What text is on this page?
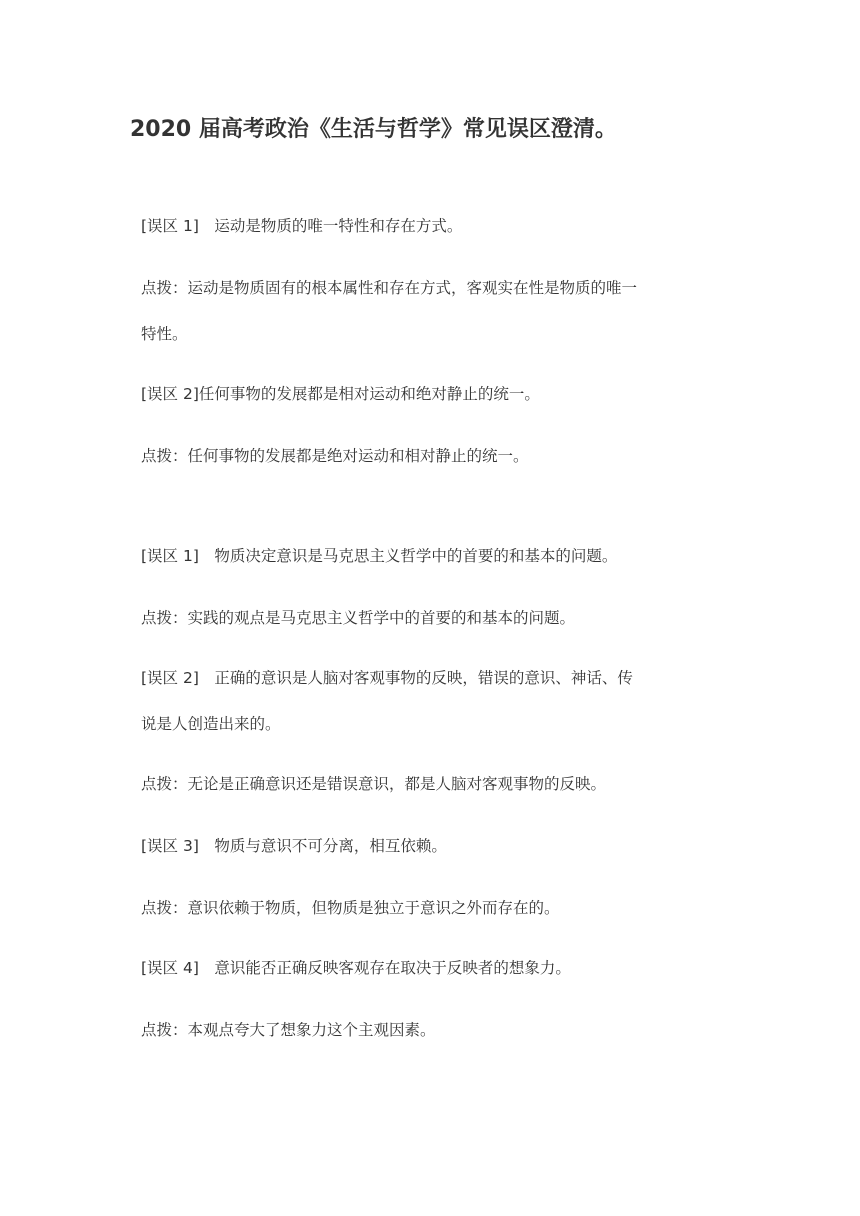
2020 届高考政治《生活与哲学》常见误区澄清。

[误区 1]　运动是物质的唯一特性和存在方式。

点拨：运动是物质固有的根本属性和存在方式，客观实在性是物质的唯一

特性。

[误区 2]任何事物的发展都是相对运动和绝对静止的统一。

点拨：任何事物的发展都是绝对运动和相对静止的统一。

[误区 1]　物质决定意识是马克思主义哲学中的首要的和基本的问题。

点拨：实践的观点是马克思主义哲学中的首要的和基本的问题。

[误区 2]　正确的意识是人脑对客观事物的反映，错误的意识、神话、传

说是人创造出来的。

点拨：无论是正确意识还是错误意识，都是人脑对客观事物的反映。

[误区 3]　物质与意识不可分离，相互依赖。

点拨：意识依赖于物质，但物质是独立于意识之外而存在的。

[误区 4]　意识能否正确反映客观存在取决于反映者的想象力。

点拨：本观点夸大了想象力这个主观因素。
